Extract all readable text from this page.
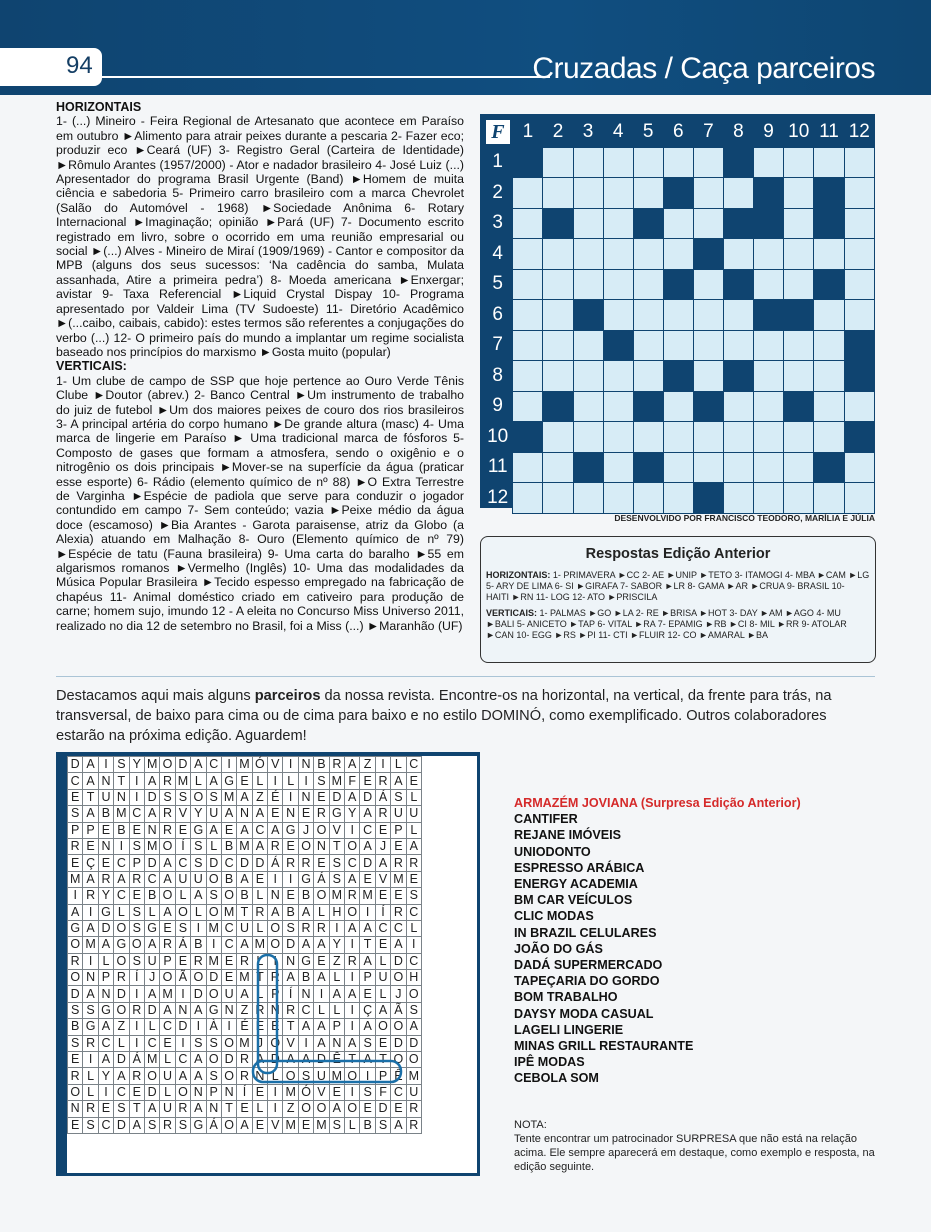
94	Cruzadas / Caça parceiros
HORIZONTAIS

1- (...) Mineiro - Feira Regional de Artesanato que acontece em Paraíso em outubro ►Alimento para atrair peixes durante a pescaria 2- Fazer eco; produzir eco ►Ceará (UF) 3- Registro Geral (Carteira de Identidade) ►Rômulo Arantes (1957/2000) - Ator e nadador brasileiro 4- José Luiz (...) Apresentador do programa Brasil Urgente (Band) ►Homem de muita ciência e sabedoria 5- Primeiro carro brasileiro com a marca Chevrolet (Salão do Automóvel - 1968) ►Sociedade Anônima 6- Rotary Internacional ►Imaginação; opinião ►Pará (UF) 7- Documento escrito registrado em livro, sobre o ocorrido em uma reunião empresarial ou social ►(...) Alves - Mineiro de Miraí (1909/1969) - Cantor e compositor da MPB (alguns dos seus sucessos: ‘Na cadência do samba, Mulata assanhada, Atire a primeira pedra’) 8- Moeda americana ►Enxergar; avistar 9- Taxa Referencial ►Liquid Crystal Dispay 10- Programa apresentado por Valdeir Lima (TV Sudoeste) 11- Diretório Acadêmico ►(...caibo, caibais, cabido): estes termos são referentes a conjugações do verbo (...) 12- O primeiro país do mundo a implantar um regime socialista baseado nos princípios do marxismo ►Gosta muito (popular)

VERTICAIS:

1- Um clube de campo de SSP que hoje pertence ao Ouro Verde Tênis Clube ►Doutor (abrev.) 2- Banco Central ►Um instrumento de trabalho do juiz de futebol ►Um dos maiores peixes de couro dos rios brasileiros 3- A principal artéria do corpo humano ►De grande altura (masc) 4- Uma marca de lingerie em Paraíso ► Uma tradicional marca de fósforos 5- Composto de gases que formam a atmosfera, sendo o oxigênio e o nitrogênio os dois principais ►Mover-se na superfície da água (praticar esse esporte) 6- Rádio (elemento químico de nº 88) ►O Extra Terrestre de Varginha ►Espécie de padiola que serve para conduzir o jogador contundido em campo 7- Sem conteúdo; vazia ►Peixe médio da água doce (escamoso) ►Bia Arantes - Garota paraisense, atriz da Globo (a Alexia) atuando em Malhação 8- Ouro (Elemento químico de nº 79) ►Espécie de tatu (Fauna brasileira) 9- Uma carta do baralho ►55 em algarismos romanos ►Vermelho (Inglês) 10- Uma das modalidades da Música Popular Brasileira ►Tecido espesso empregado na fabricação de chapéus 11- Animal doméstico criado em cativeiro para produção de carne; homem sujo, imundo 12 - A eleita no Concurso Miss Universo 2011, realizado no dia 12 de setembro no Brasil, foi a Miss (...) ►Maranhão (UF)

F	1	2	3	4	5	6	7	8	9	10	11	12
1												
2												
3												
4												
5												
6												
7												
8												
9												
10												
11												
12												
DESENVOLVIDO POR FRANCISCO TEODORO, MARÍLIA E JÚLIA
Respostas Edição Anterior

HORIZONTAIS: 1- PRIMAVERA ►CC 2- AE ►UNIP ►TETO 3- ITAMOGI 4- MBA ►CAM ►LG 5- ARY DE LIMA 6- SI ►GIRAFA 7- SABOR ►LR 8- GAMA ►AR ►CRUA 9- BRASIL 10- HAITI ►RN 11- LOG 12- ATO ►PRISCILA

VERTICAIS: 1- PALMAS ►GO ►LA 2- RE ►BRISA ►HOT 3- DAY ►AM ►AGO 4- MU ►BALI 5- ANICETO ►TAP 6- VITAL ►RA 7- EPAMIG ►RB ►CI 8- MIL ►RR 9- ATOLAR ►CAN 10- EGG ►RS ►PI 11- CTI ►FLUIR 12- CO ►AMARAL ►BA

Destacamos aqui mais alguns parceiros da nossa revista. Encontre-os na horizontal, na vertical, da frente para trás, na transversal, de baixo para cima ou de cima para baixo e no estilo DOMINÓ, como exemplificado. Outros colaboradores estarão na próxima edição. Aguardem!
D	A	I	S	Y	M	O	D	A	C	I	M	Ó	V	I	N	B	R	A	Z	I	L	C
C	A	N	T	I	A	R	M	L	A	G	E	L	I	L	I	S	M	F	E	R	A	E
E	T	U	N	I	D	S	S	O	S	M	A	Z	É	I	N	E	D	A	D	Á	S	L
S	A	B	M	C	A	R	V	Y	U	A	N	A	E	N	E	R	G	Y	A	R	U	U
P	P	E	B	E	N	R	E	G	A	E	A	C	A	G	J	O	V	I	C	E	P	L
R	E	N	I	S	M	O	Í	S	L	B	M	A	R	E	O	N	T	O	A	J	E	A
E	Ç	E	C	P	D	A	C	S	D	C	D	D	Á	R	R	E	S	C	D	A	R	R
M	A	R	A	R	C	A	U	U	O	B	A	E	I	I	G	Á	S	A	E	V	M	E
I	R	Y	C	E	B	O	L	A	S	O	B	L	N	E	B	O	M	R	M	E	E	S
A	I	G	L	S	L	A	O	L	O	M	T	R	A	B	A	L	H	O	I	Í	R	C
G	A	D	O	S	G	E	S	I	M	C	U	L	O	S	R	R	I	A	A	C	C	L
O	M	A	G	O	A	R	Á	B	I	C	A	M	O	D	A	A	Y	I	T	E	A	I
R	I	L	O	S	U	P	E	R	M	E	R	L	I	N	G	E	Z	R	A	L	D	C
O	N	P	R	Í	J	O	Ã	O	D	E	M	T	R	A	B	A	L	I	P	U	O	H
D	A	N	D	I	A	M	I	D	O	U	A	L	P	Í	N	I	A	A	E	L	J	O
S	S	G	O	R	D	A	N	A	G	N	Z	R	N	R	C	L	L	I	Ç	A	Ã	S
B	G	A	Z	I	L	C	D	I	À	I	É	E	E	T	A	A	P	I	A	O	O	A
S	R	C	L	I	C	E	I	S	S	O	M	J	O	V	I	A	N	A	S	E	D	D
E	I	A	D	Á	M	L	C	A	O	D	R	A	D	A	A	D	Ê	T	A	T	O	O
R	L	Y	A	R	O	U	A	A	S	O	R	N	L	O	S	U	M	O	I	P	Ê	M
O	L	I	C	E	D	L	O	N	P	N	Í	E	I	M	Ó	V	E	I	S	F	C	U
N	R	E	S	T	A	U	R	A	N	T	E	L	I	Z	O	O	A	O	E	D	E	R
E	S	C	D	A	S	R	S	G	Á	O	A	E	V	M	E	M	S	L	B	S	A	R
ARMAZÉM JOVIANA (Surpresa Edição Anterior)
CANTIFER
REJANE IMÓVEIS
UNIODONTO
ESPRESSO ARÁBICA
ENERGY ACADEMIA
BM CAR VEÍCULOS
CLIC MODAS
IN BRAZIL CELULARES
JOÃO DO GÁS
DADÁ SUPERMERCADO
TAPEÇARIA DO GORDO
BOM TRABALHO
DAYSY MODA CASUAL
LAGELI LINGERIE
MINAS GRILL RESTAURANTE
IPÊ MODAS
CEBOLA SOM
NOTA:
Tente encontrar um patrocinador SURPRESA que não está na relação acima. Ele sempre aparecerá em destaque, como exemplo e resposta, na edição seguinte.
